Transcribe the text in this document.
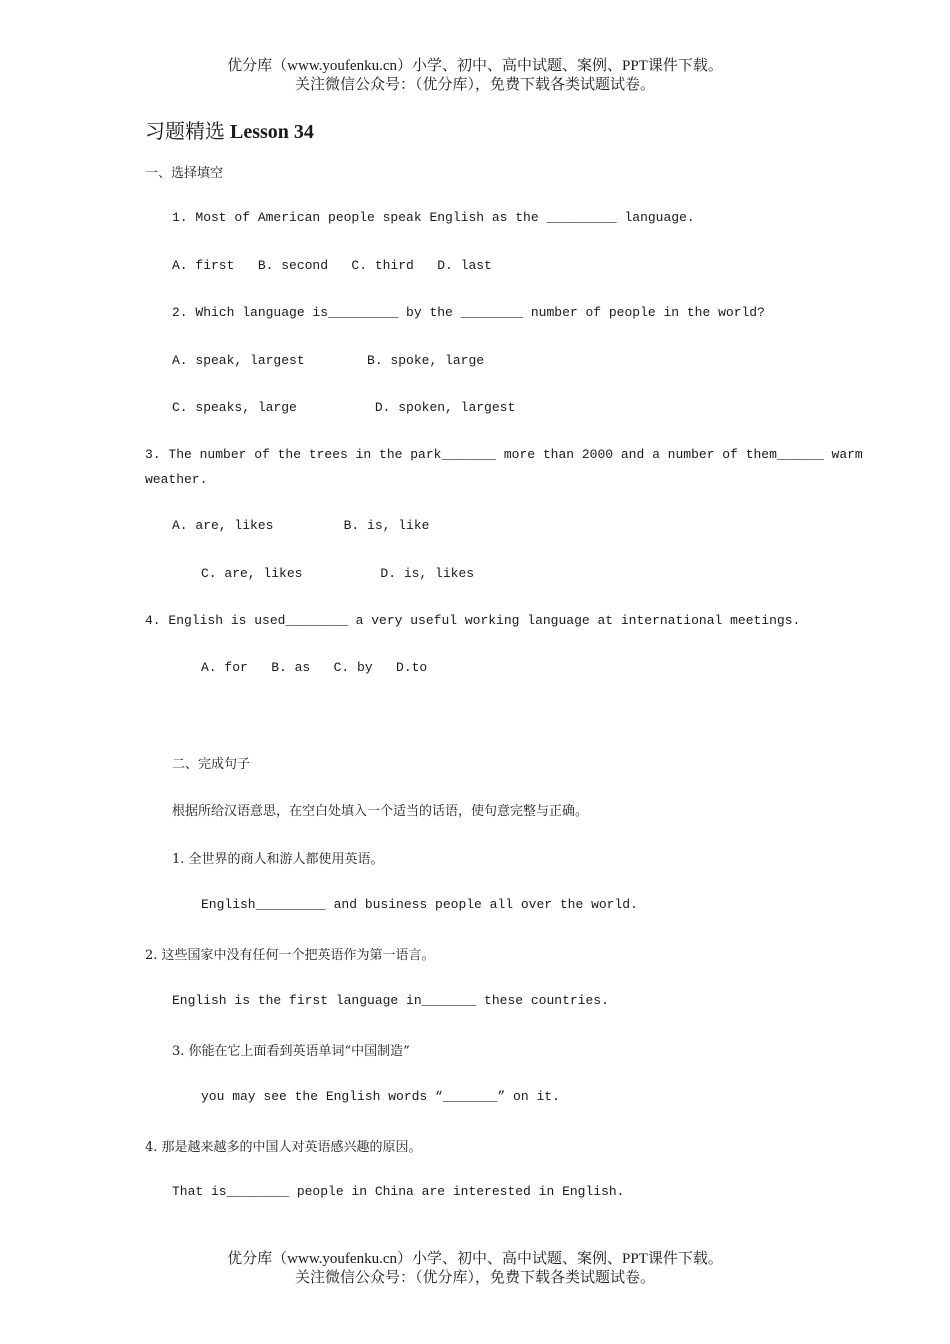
优分库（www.youfenku.cn）小学、初中、高中试题、案例、PPT课件下载。
关注微信公众号：（优分库），免费下载各类试题试卷。
习题精选 Lesson 34
一、选择填空
1. Most of American people speak English as the _________ language.
A. first   B. second   C. third   D. last
2. Which language is_________ by the ________ number of people in the world?
A. speak, largest        B. spoke, large
C. speaks, large          D. spoken, largest
3. The number of the trees in the park_______ more than 2000 and a number of them______ warm
weather.
A. are, likes         B. is, like
C. are, likes          D. is, likes
4. English is used________ a very useful working language at international meetings.
A. for   B. as   C. by   D.to
二、完成句子
根据所给汉语意思，在空白处填入一个适当的话语，使句意完整与正确。
1. 全世界的商人和游人都使用英语。
English_________ and business people all over the world.
2. 这些国家中没有任何一个把英语作为第一语言。
English is the first language in_______ these countries.
3. 你能在它上面看到英语单词“中国制造”
you may see the English words “_______” on it.
4. 那是越来越多的中国人对英语感兴趣的原因。
That is________ people in China are interested in English.
优分库（www.youfenku.cn）小学、初中、高中试题、案例、PPT课件下载。
关注微信公众号：（优分库），免费下载各类试题试卷。
